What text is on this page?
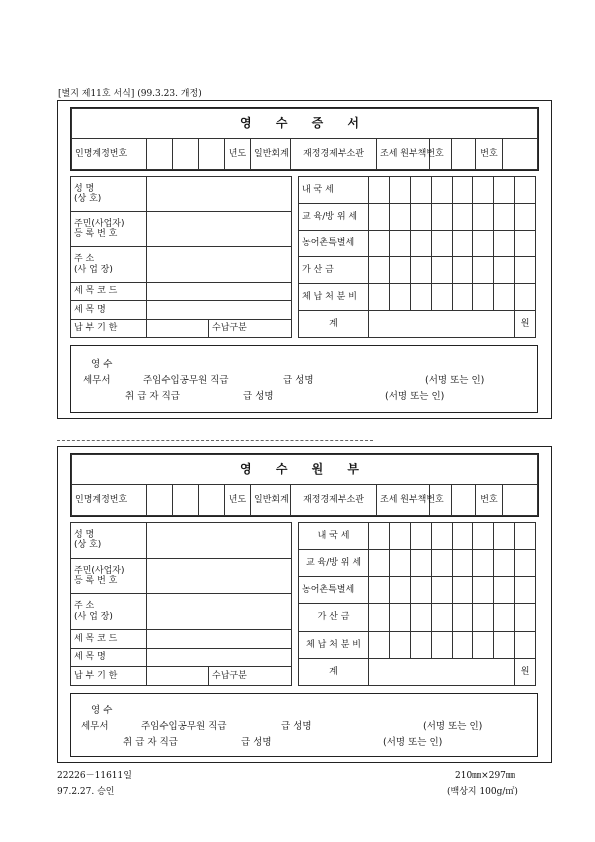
[별지 제11호 서식] (99.3.23. 개정)
영 수 증 서
인명계정번호				년도	일반회계	재정경제부소관	조세 원부책번호			번호	
성 명
(상 호)		

주민(사업자)
등 록 번 호		

주 소
(사 업 장)		

세 목 코 드		
세 목 명		
납 부 기 한		수납구분
내 국 세								
교 육/방 위 세								
농어촌특별세								
가 산 금								
체 납 처 분 비								
계								원
영 수
세무서	주임수입공무원 직급	급 성명	(서명 또는 인)
취 급 자 직급	급 성명	(서명 또는 인)
영 수 원 부
인명계정번호				년도	일반회계	재정경제부소관	조세 원부책번호			번호	
성 명
(상 호)		

주민(사업자)
등 록 번 호		

주 소
(사 업 장)		

세 목 코 드		
세 목 명		
납 부 기 한		수납구분
내 국 세								
교 육/방 위 세								
농어촌특별세								
가 산 금								
체 납 처 분 비								
계								원
영 수
세무서	주임수입공무원 직급	급 성명	(서명 또는 인)
취 급 자 직급	급 성명	(서명 또는 인)
22226－11611일
97.2.27. 승인
210㎜×297㎜
(백상지 100g/㎡)
